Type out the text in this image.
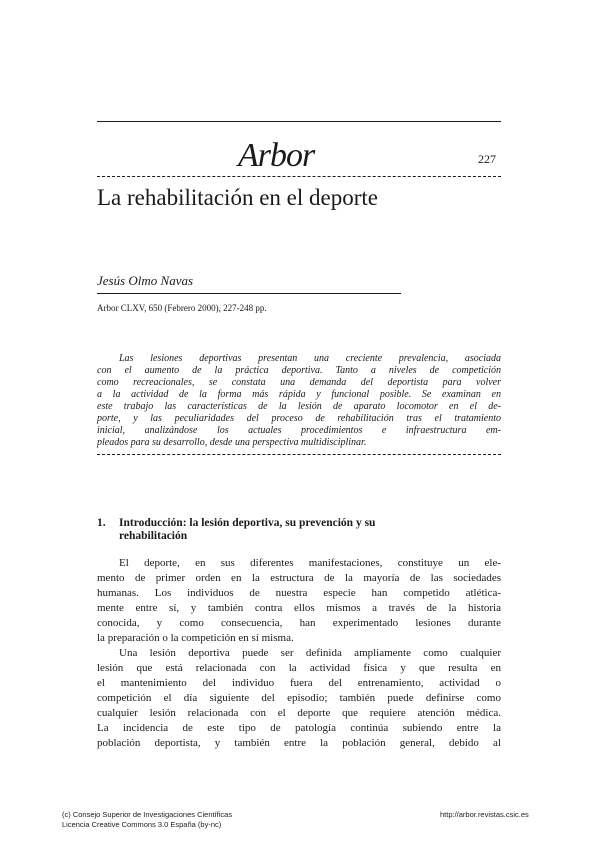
Arbor	227
La rehabilitación en el deporte
Jesús Olmo Navas
Arbor CLXV, 650 (Febrero 2000), 227-248 pp.
Las lesiones deportivas presentan una creciente prevalencia, asociada
con el aumento de la práctica deportiva. Tanto a niveles de competición
como recreacionales, se constata una demanda del deportista para volver
a la actividad de la forma más rápida y funcional posible. Se examinan en
este trabajo las características de la lesión de aparato locomotor en el de-
porte, y las peculiaridades del proceso de rehabilitación tras el tratamiento
inicial, analizándose los actuales procedimientos e infraestructura em-
pleados para su desarrollo, desde una perspectiva multidisciplinar.
1. Introducción: la lesión deportiva, su prevención y su
rehabilitación
El deporte, en sus diferentes manifestaciones, constituye un ele-
mento de primer orden en la estructura de la mayoría de las sociedades
humanas. Los individuos de nuestra especie han competido atlética-
mente entre sí, y también contra ellos mismos a través de la historia
conocida, y como consecuencia, han experimentado lesiones durante
la preparación o la competición en sí misma.
Una lesión deportiva puede ser definida ampliamente como cualquier
lesión que está relacionada con la actividad física y que resulta en
el mantenimiento del individuo fuera del entrenamiento, actividad o
competición el día siguiente del episodio; también puede definirse como
cualquier lesión relacionada con el deporte que requiere atención médica.
La incidencia de este tipo de patología continúa subiendo entre la
población deportista, y también entre la población general, debido al
(c) Consejo Superior de Investigaciones Científicas
Licencia Creative Commons 3.0 España (by-nc)
http://arbor.revistas.csic.es
